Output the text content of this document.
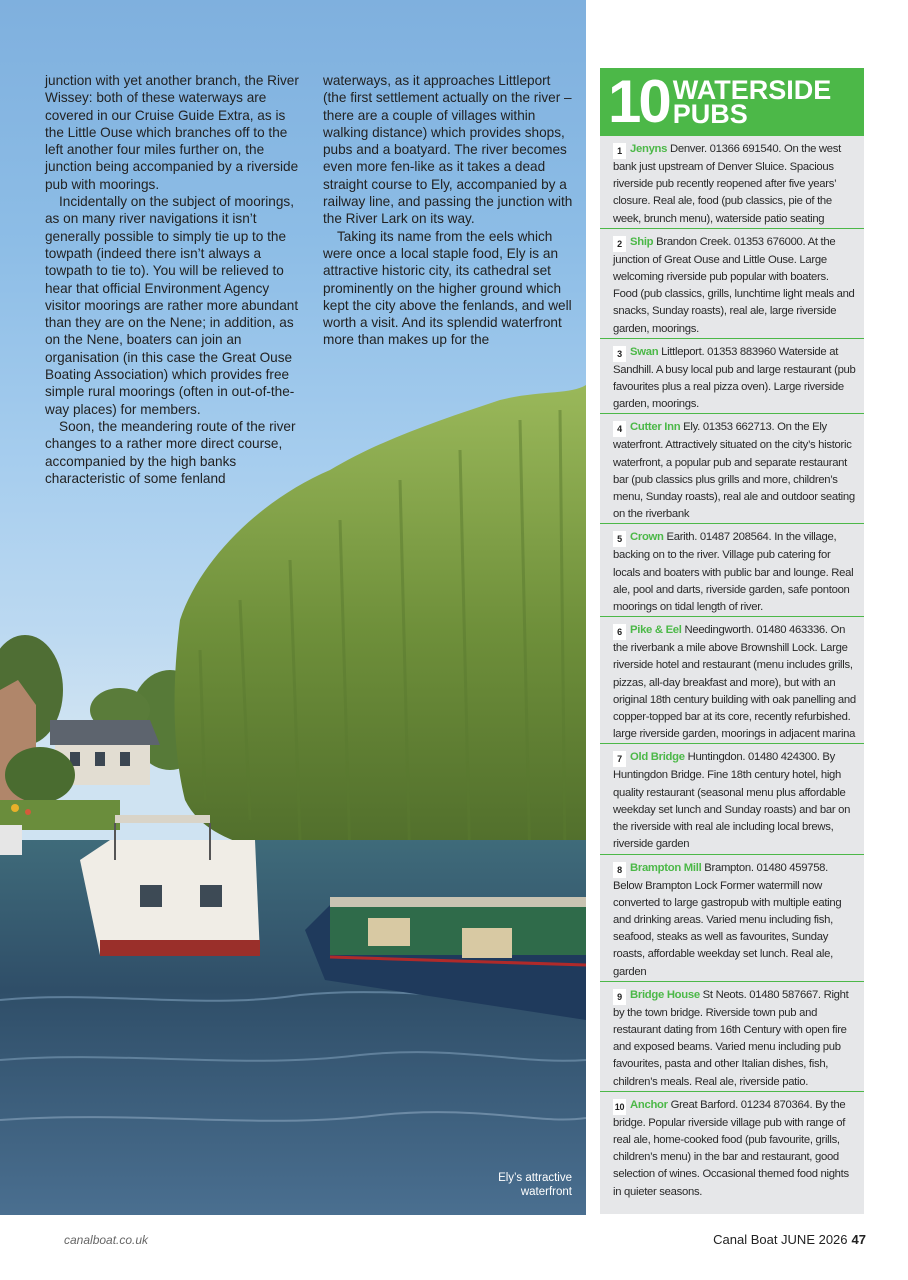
Ely’s attractive waterfront

junction with yet another branch, the River Wissey: both of these waterways are covered in our Cruise Guide Extra, as is the Little Ouse which branches off to the left another four miles further on, the junction being accompanied by a riverside pub with moorings.

Incidentally on the subject of moorings, as on many river navigations it isn’t generally possible to simply tie up to the towpath (indeed there isn’t always a towpath to tie to). You will be relieved to hear that official Environment Agency visitor moorings are rather more abundant than they are on the Nene; in addition, as on the Nene, boaters can join an organisation (in this case the Great Ouse Boating Association) which provides free simple rural moorings (often in out-of-the-way places) for members.

Soon, the meandering route of the river changes to a rather more direct course, accompanied by the high banks characteristic of some fenland

waterways, as it approaches Littleport (the first settlement actually on the river – there are a couple of villages within walking distance) which provides shops, pubs and a boatyard. The river becomes even more fen-like as it takes a dead straight course to Ely, accompanied by a railway line, and passing the junction with the River Lark on its way.

Taking its name from the eels which were once a local staple food, Ely is an attractive historic city, its cathedral set prominently on the higher ground which kept the city above the fenlands, and well worth a visit. And its splendid waterfront more than makes up for the

10 WATERSIDE
PUBS
1 Jenyns Denver. 01366 691540. On the west bank just upstream of Denver Sluice. Spacious riverside pub recently reopened after five years’ closure. Real ale, food (pub classics, pie of the week, brunch menu), waterside patio seating
2 Ship Brandon Creek. 01353 676000. At the junction of Great Ouse and Little Ouse. Large welcoming riverside pub popular with boaters. Food (pub classics, grills, lunchtime light meals and snacks, Sunday roasts), real ale, large riverside garden, moorings.
3 Swan Littleport. 01353 883960 Waterside at Sandhill. A busy local pub and large restaurant (pub favourites plus a real pizza oven). Large riverside garden, moorings.
4 Cutter Inn Ely. 01353 662713. On the Ely waterfront. Attractively situated on the city’s historic waterfront, a popular pub and separate restaurant bar (pub classics plus grills and more, children’s menu, Sunday roasts), real ale and outdoor seating on the riverbank
5 Crown Earith. 01487 208564. In the village, backing on to the river. Village pub catering for locals and boaters with public bar and lounge. Real ale, pool and darts, riverside garden, safe pontoon moorings on tidal length of river.
6 Pike & Eel Needingworth. 01480 463336. On the riverbank a mile above Brownshill Lock. Large riverside hotel and restaurant (menu includes grills, pizzas, all-day breakfast and more), but with an original 18th century building with oak panelling and copper-topped bar at its core, recently refurbished. large riverside garden, moorings in adjacent marina
7 Old Bridge Huntingdon. 01480 424300. By Huntingdon Bridge. Fine 18th century hotel, high quality restaurant (seasonal menu plus affordable weekday set lunch and Sunday roasts) and bar on the riverside with real ale including local brews, riverside garden
8 Brampton Mill Brampton. 01480 459758. Below Brampton Lock Former watermill now converted to large gastropub with multiple eating and drinking areas. Varied menu including fish, seafood, steaks as well as favourites, Sunday roasts, affordable weekday set lunch. Real ale, garden
9 Bridge House St Neots. 01480 587667. Right by the town bridge. Riverside town pub and restaurant dating from 16th Century with open fire and exposed beams. Varied menu including pub favourites, pasta and other Italian dishes, fish, children’s meals. Real ale, riverside patio.
10 Anchor Great Barford. 01234 870364. By the bridge. Popular riverside village pub with range of real ale, home-cooked food (pub favourite, grills, children’s menu) in the bar and restaurant, good selection of wines. Occasional themed food nights in quieter seasons.
canalboat.co.uk	Canal Boat JUNE 2026 47
